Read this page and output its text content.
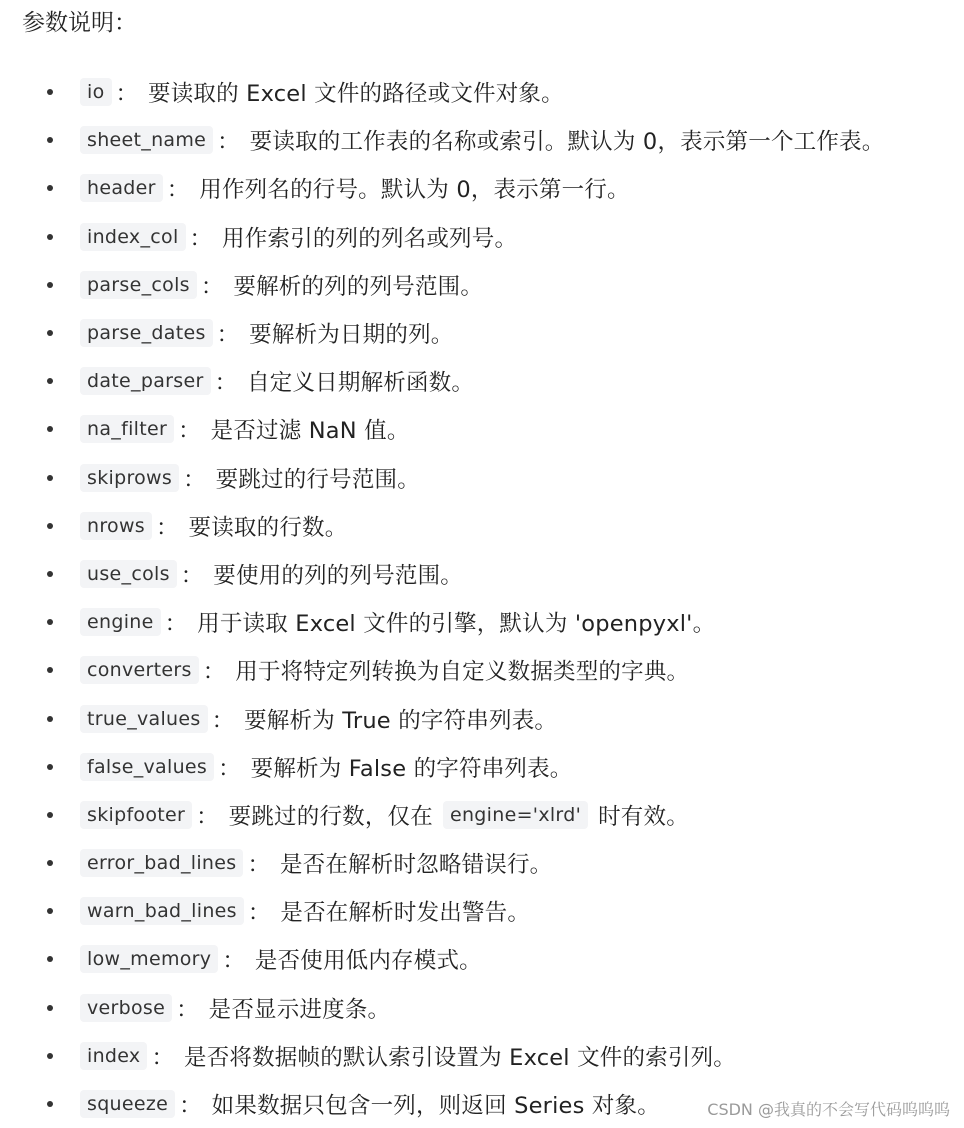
参数说明：
io ： 要读取的 Excel 文件的路径或文件对象。
sheet_name ： 要读取的工作表的名称或索引。默认为 0，表示第一个工作表。
header ： 用作列名的行号。默认为 0，表示第一行。
index_col ： 用作索引的列的列名或列号。
parse_cols ： 要解析的列的列号范围。
parse_dates ： 要解析为日期的列。
date_parser ： 自定义日期解析函数。
na_filter ： 是否过滤 NaN 值。
skiprows ： 要跳过的行号范围。
nrows ： 要读取的行数。
use_cols ： 要使用的列的列号范围。
engine ： 用于读取 Excel 文件的引擎，默认为 'openpyxl'。
converters ： 用于将特定列转换为自定义数据类型的字典。
true_values ： 要解析为 True 的字符串列表。
false_values ： 要解析为 False 的字符串列表。
skipfooter ： 要跳过的行数，仅在 engine='xlrd' 时有效。
error_bad_lines ： 是否在解析时忽略错误行。
warn_bad_lines ： 是否在解析时发出警告。
low_memory ： 是否使用低内存模式。
verbose ： 是否显示进度条。
index ： 是否将数据帧的默认索引设置为 Excel 文件的索引列。
squeeze ： 如果数据只包含一列，则返回 Series 对象。	CSDN @我真的不会写代码呜呜呜
